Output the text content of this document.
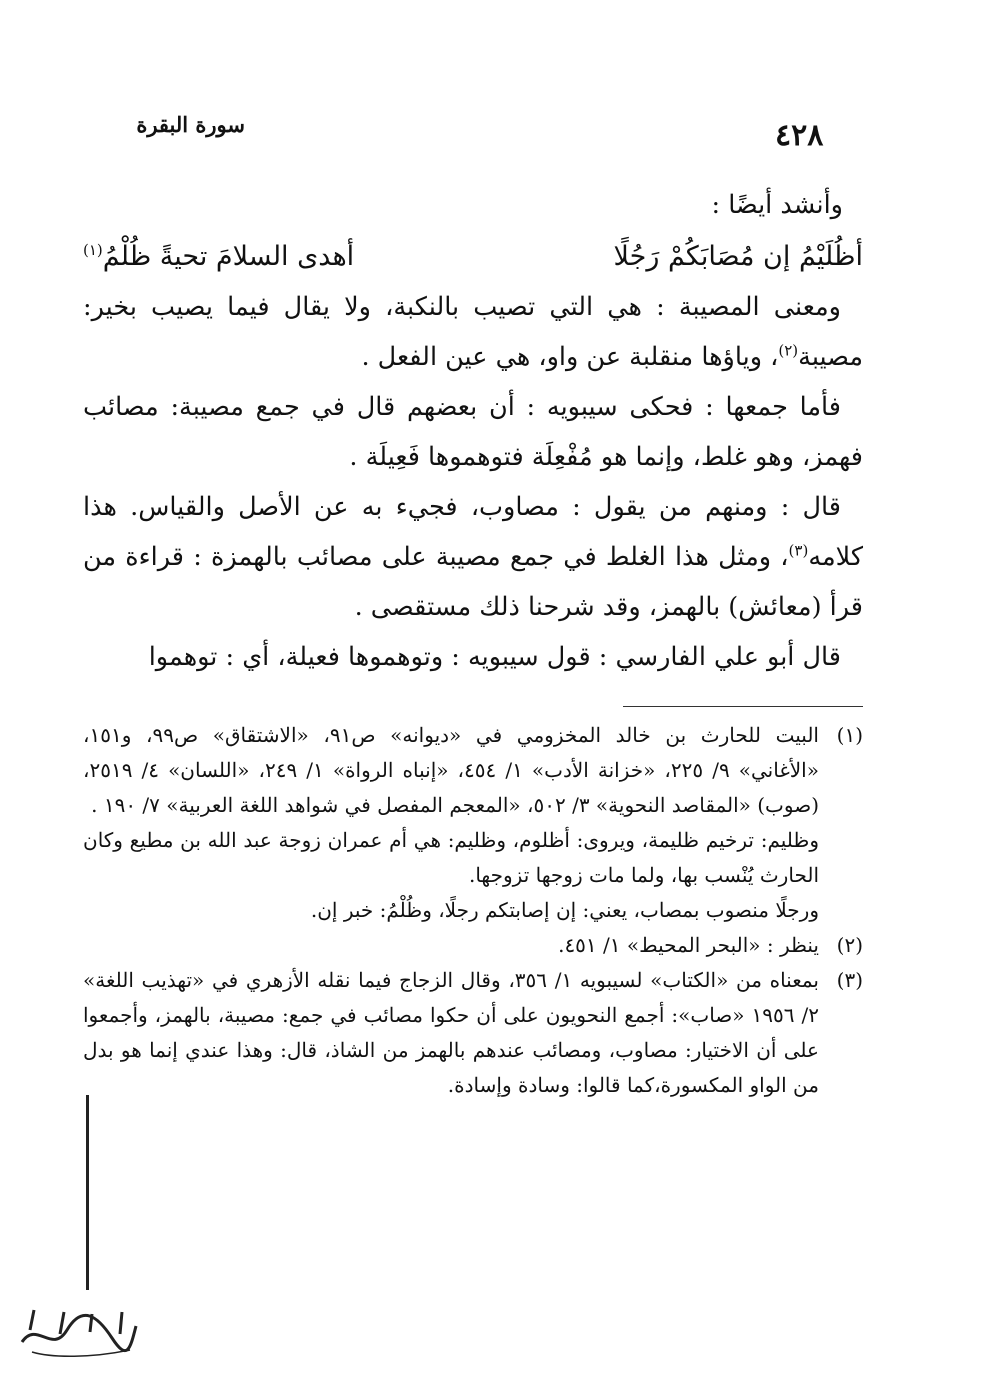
سورة البقرة	٤٢٨

وأنشد أيضًا :

أظُلَيْمُ إن مُصَابَكُمْ رَجُلًا
أهدى السلامَ تحيةً ظُلْمُ$^{(١)}$

ومعنى المصيبة : هي التي تصيب بالنكبة، ولا يقال فيما يصيب بخير: مصيبة$^{(٢)}$، وياؤها منقلبة عن واو، هي عين الفعل .

فأما جمعها : فحكى سيبويه : أن بعضهم قال في جمع مصيبة: مصائب فهمز، وهو غلط، وإنما هو مُفْعِلَة فتوهموها فَعِيلَة .

قال : ومنهم من يقول : مصاوب، فجيء به عن الأصل والقياس. هذا كلامه$^{(٣)}$، ومثل هذا الغلط في جمع مصيبة على مصائب بالهمزة : قراءة من قرأ (معائش) بالهمز، وقد شرحنا ذلك مستقصى .

قال أبو علي الفارسي : قول سيبويه : وتوهموها فعيلة، أي : توهموا

(١)
البيت للحارث بن خالد المخزومي في «ديوانه» ص٩١، «الاشتقاق» ص٩٩، و١٥١، «الأغاني» ٩/ ٢٢٥، «خزانة الأدب» ١/ ٤٥٤، «إنباه الرواة» ١/ ٢٤٩، «اللسان» ٤/ ٢٥١٩، (صوب) «المقاصد النحوية» ٣/ ٥٠٢، «المعجم المفصل في شواهد اللغة العربية» ٧/ ١٩٠ .
وظليم: ترخيم ظليمة، ويروى: أظلوم، وظليم: هي أم عمران زوجة عبد الله بن مطيع وكان الحارث يُنْسب بها، ولما مات زوجها تزوجها.
ورجلًا منصوب بمصاب، يعني: إن إصابتكم رجلًا، وظُلْمُ: خبر إن.
(٢)
ينظر : «البحر المحيط» ١/ ٤٥١.
(٣)
بمعناه من «الكتاب» لسيبويه ١/ ٣٥٦، وقال الزجاج فيما نقله الأزهري في «تهذيب اللغة» ٢/ ١٩٥٦ «صاب»: أجمع النحويون على أن حكوا مصائب في جمع: مصيبة، بالهمز، وأجمعوا على أن الاختيار: مصاوب، ومصائب عندهم بالهمز من الشاذ، قال: وهذا عندي إنما هو بدل من الواو المكسورة،كما قالوا: وسادة وإسادة.
